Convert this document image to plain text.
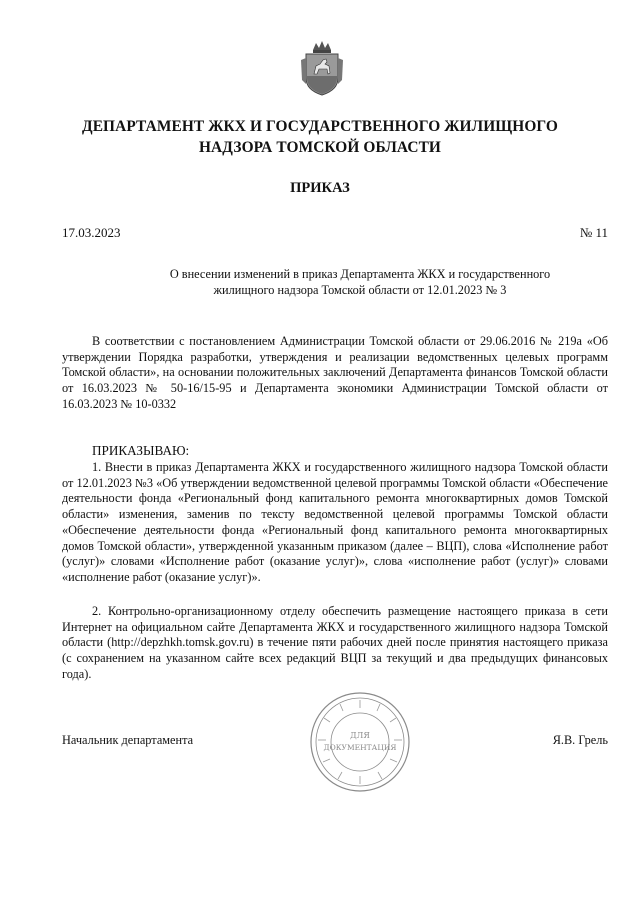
ДЕПАРТАМЕНТ ЖКХ И ГОСУДАРСТВЕННОГО ЖИЛИЩНОГО
НАДЗОРА ТОМСКОЙ ОБЛАСТИ
ПРИКАЗ
17.03.2023	№ 11
О внесении изменений в приказ Департамента ЖКХ и государственного
жилищного надзора Томской области от 12.01.2023 № 3
В соответствии с постановлением Администрации Томской области от 29.06.2016 № 219а «Об утверждении Порядка разработки, утверждения и реализации ведомственных целевых программ Томской области», на основании положительных заключений Департамента финансов Томской области от 16.03.2023 № 50-16/15-95 и Департамента экономики Администрации Томской области от 16.03.2023 № 10-0332
ПРИКАЗЫВАЮ:
1. Внести в приказ Департамента ЖКХ и государственного жилищного надзора Томской области от 12.01.2023 №3 «Об утверждении ведомственной целевой программы Томской области «Обеспечение деятельности фонда «Региональный фонд капитального ремонта многоквартирных домов Томской области» изменения, заменив по тексту ведомственной целевой программы Томской области «Обеспечение деятельности фонда «Региональный фонд капитального ремонта многоквартирных домов Томской области», утвержденной указанным приказом (далее – ВЦП), слова «Исполнение работ (услуг)» словами «Исполнение работ (оказание услуг)», слова «исполнение работ (услуг)» словами «исполнение работ (оказание услуг)».
2. Контрольно-организационному отделу обеспечить размещение настоящего приказа в сети Интернет на официальном сайте Департамента ЖКХ и государственного жилищного надзора Томской области (http://depzhkh.tomsk.gov.ru) в течение пяти рабочих дней после принятия настоящего приказа (с сохранением на указанном сайте всех редакций ВЦП за текущий и два предыдущих финансовых года).
ДЛЯ
ДОКУМЕНТАЦИЯ
Начальник департамента	Я.В. Грель
